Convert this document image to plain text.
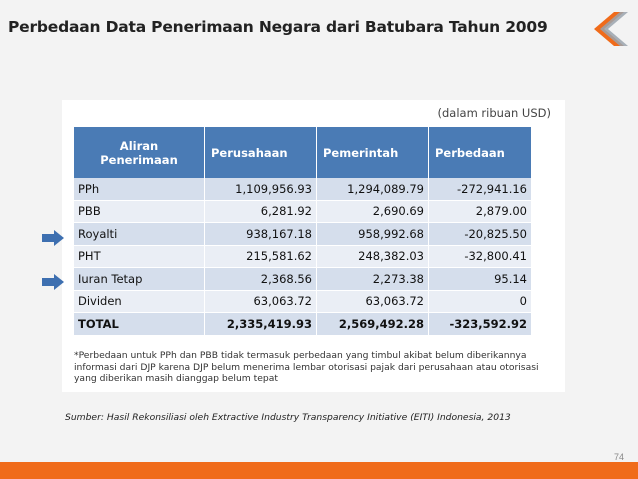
Perbedaan Data Penerimaan Negara dari Batubara Tahun 2009
(dalam ribuan USD)
Aliran Penerimaan	Perusahaan	Pemerintah	Perbedaan
PPh	1,109,956.93	1,294,089.79	-272,941.16
PBB	6,281.92	2,690.69	2,879.00
Royalti	938,167.18	958,992.68	-20,825.50
PHT	215,581.62	248,382.03	-32,800.41
Iuran Tetap	2,368.56	2,273.38	95.14
Dividen	63,063.72	63,063.72	0
TOTAL	2,335,419.93	2,569,492.28	-323,592.92
*Perbedaan untuk PPh dan PBB tidak termasuk perbedaan yang timbul akibat belum diberikannya informasi dari DJP karena DJP belum menerima lembar otorisasi pajak dari perusahaan atau otorisasi yang diberikan masih dianggap belum tepat
Sumber: Hasil Rekonsiliasi oleh Extractive Industry Transparency Initiative (EITI) Indonesia, 2013
74
